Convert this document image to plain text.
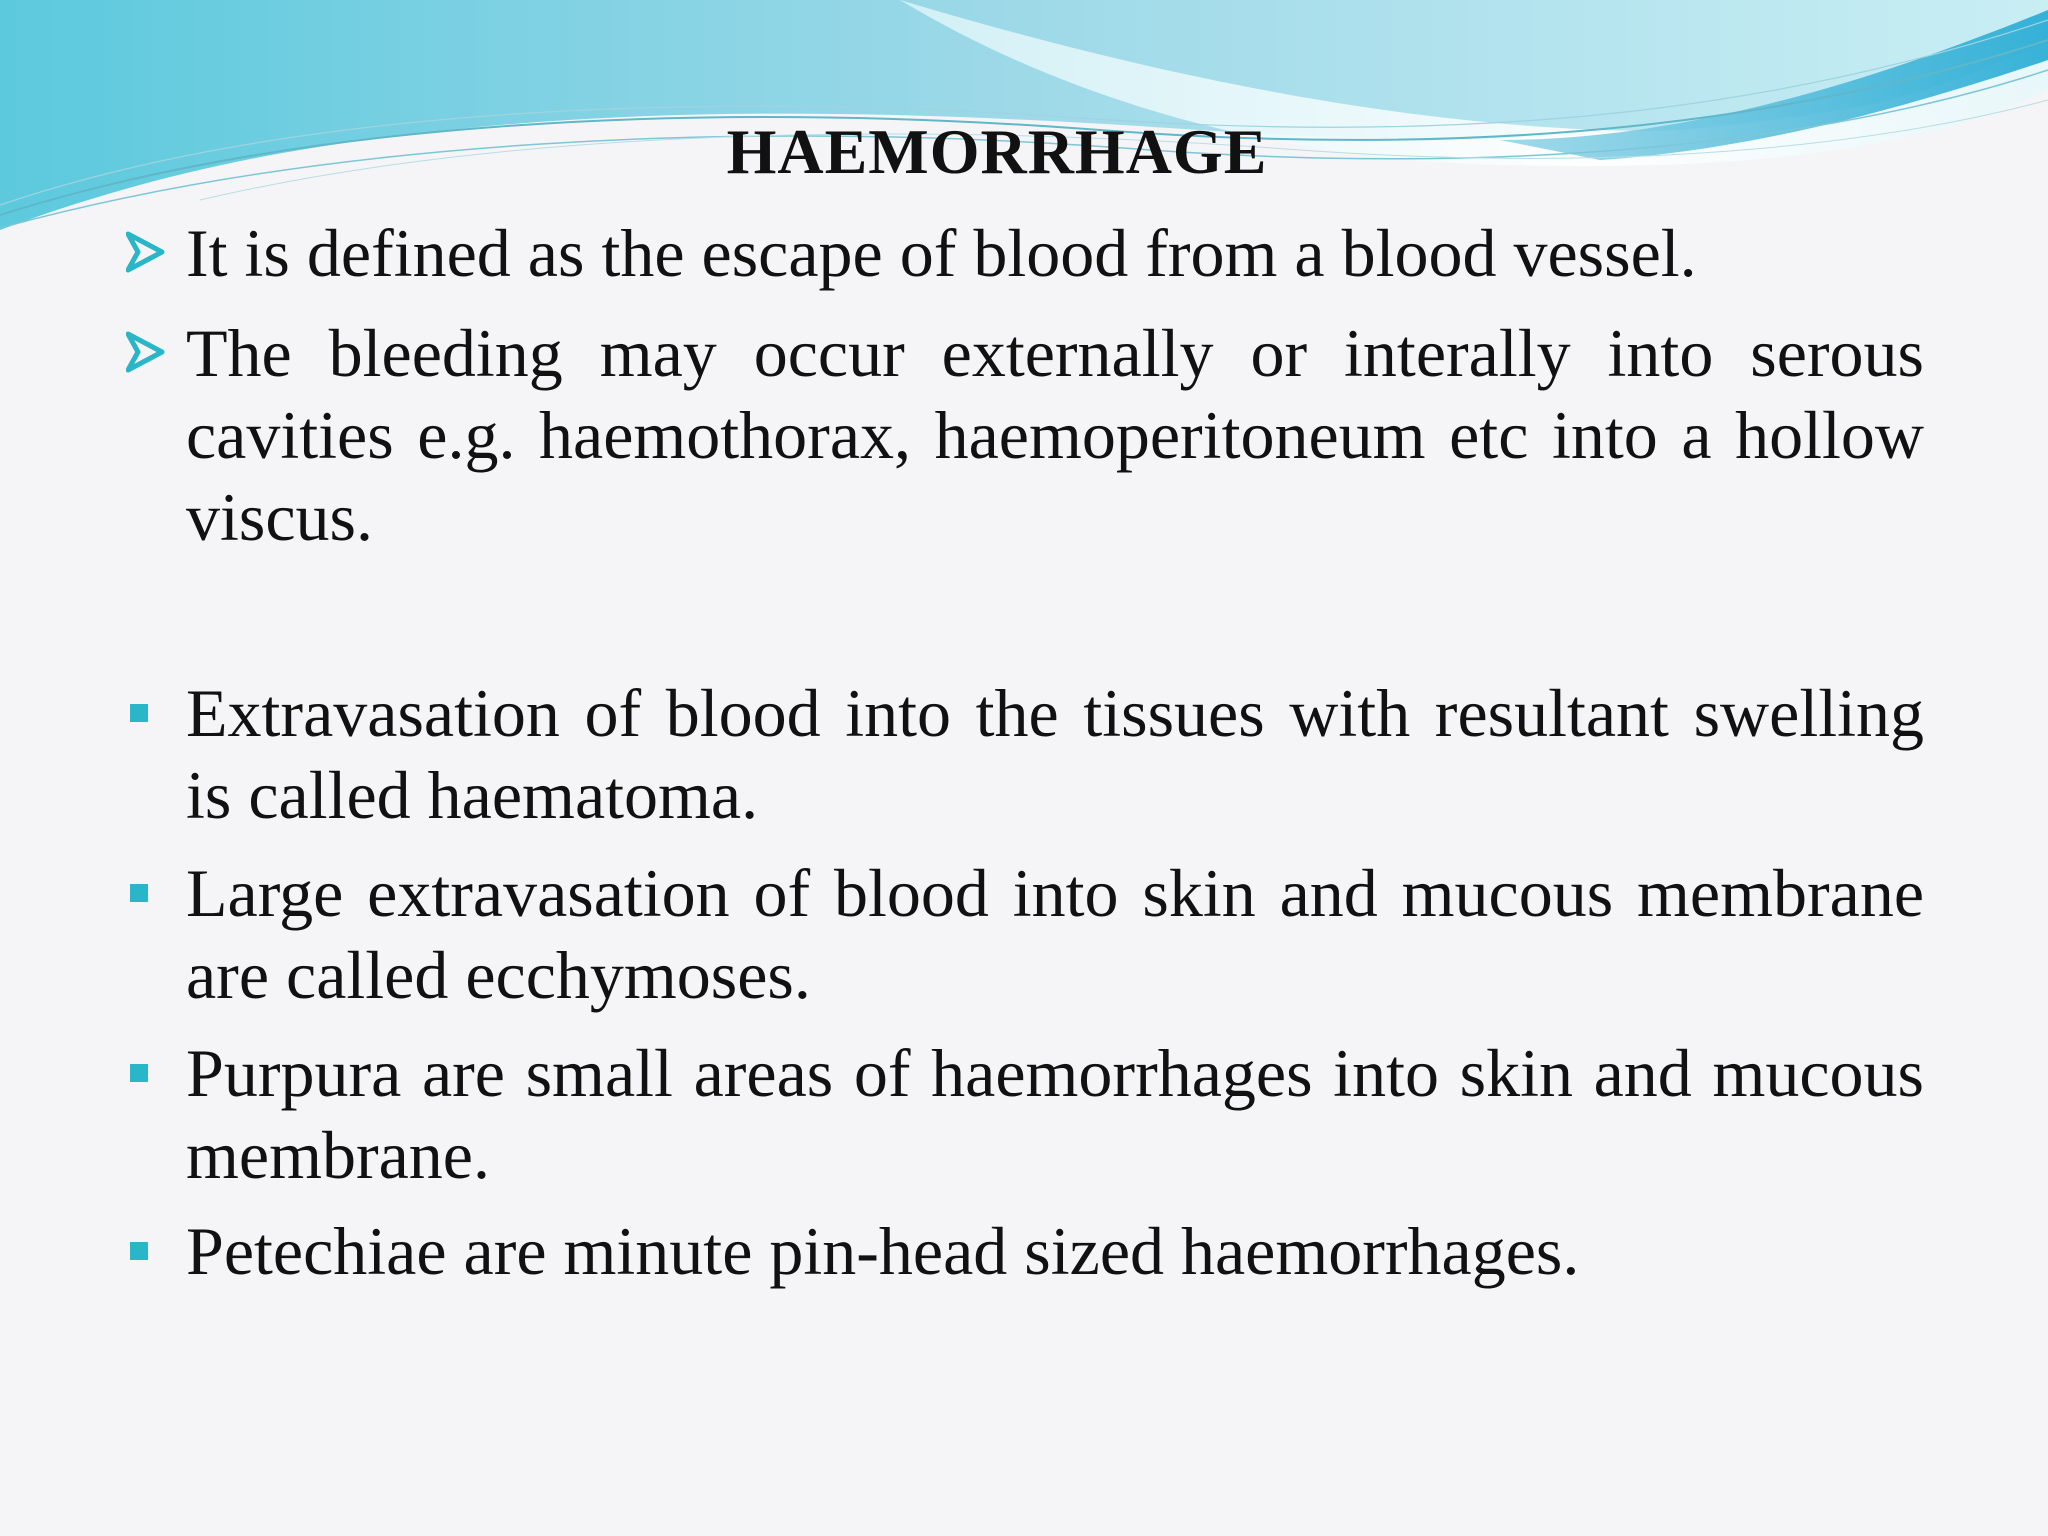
HAEMORRHAGE

It is defined as the escape of blood from a blood vessel.

The bleeding may occur externally or interally into serous cavities e.g. haemothorax, haemoperitoneum etc into a hollow viscus.

Extravasation of blood into the tissues with resultant swelling is called haematoma.

Large extravasation of blood into skin and mucous membrane are called ecchymoses.

Purpura are small areas of haemorrhages into skin and mucous membrane.

Petechiae are minute pin-head sized haemorrhages.
